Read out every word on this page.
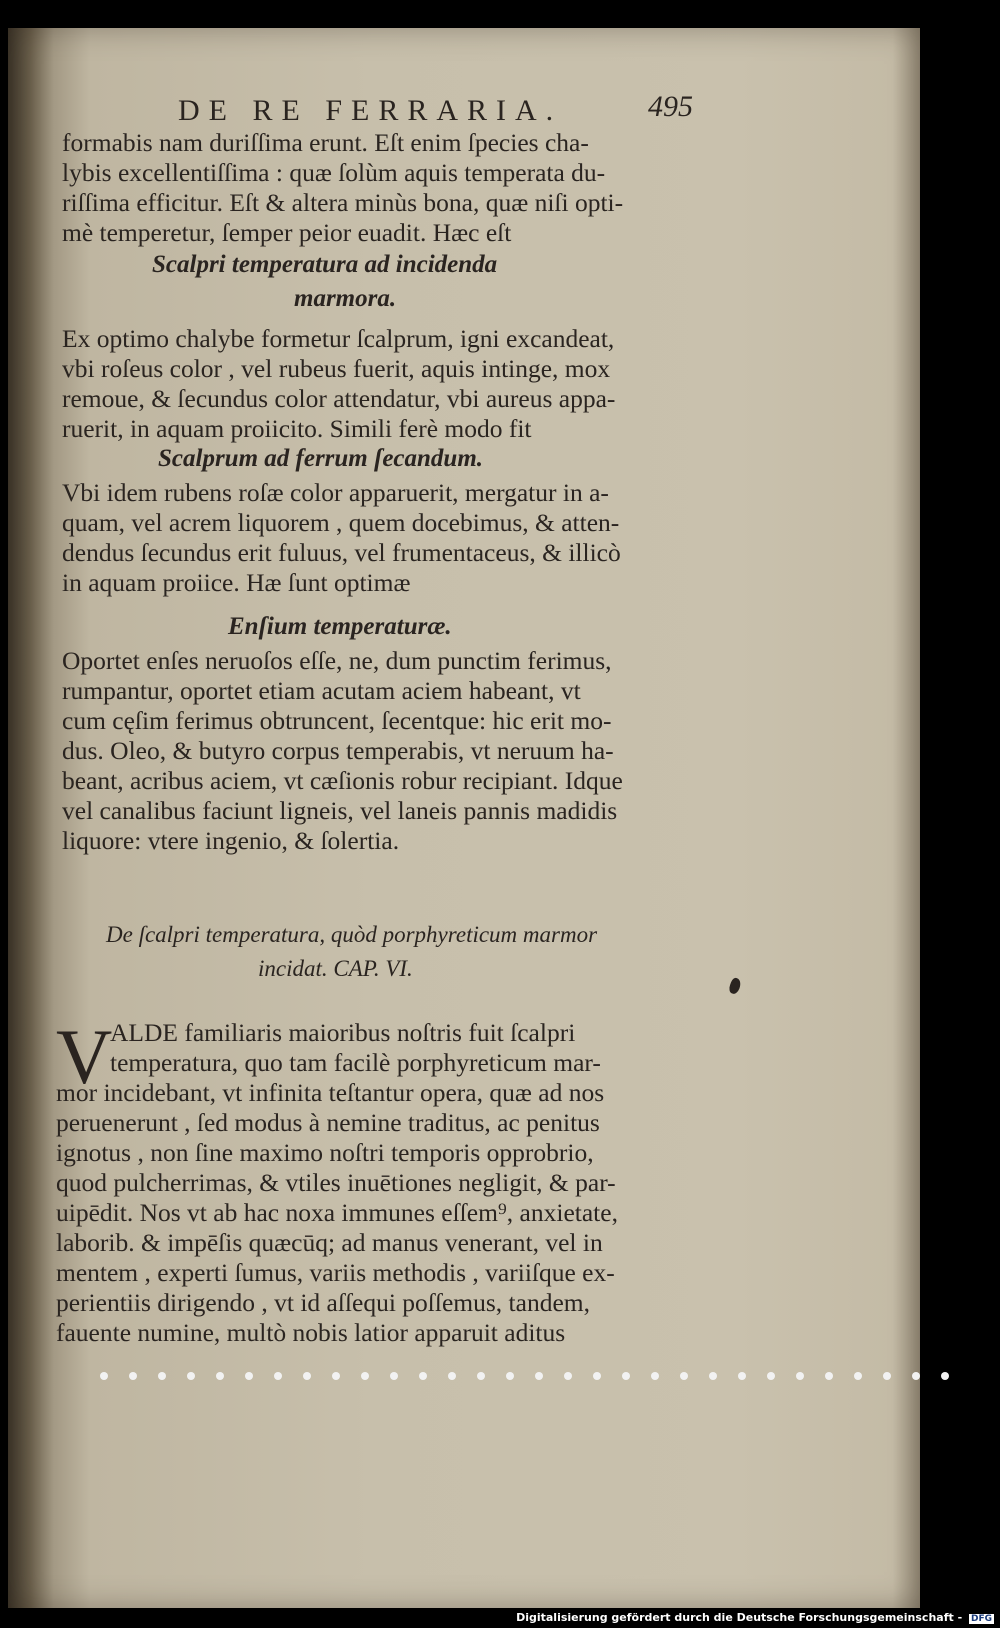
DE RE FERRARIA.	495
formabis nam duriſſima erunt. Eſt enim ſpecies cha-
lybis excellentiſſima : quæ ſolùm aquis temperata du-
riſſima efficitur. Eſt & altera minùs bona, quæ niſi opti-
mè temperetur, ſemper peior euadit. Hæc eſt
Scalpri temperatura ad incidenda
marmora.
Ex optimo chalybe formetur ſcalprum, igni excandeat,
vbi roſeus color , vel rubeus fuerit, aquis intinge, mox
remoue, & ſecundus color attendatur, vbi aureus appa-
ruerit, in aquam proiicito. Simili ferè modo fit
Scalprum ad ferrum ſecandum.
Vbi idem rubens roſæ color apparuerit, mergatur in a-
quam, vel acrem liquorem , quem docebimus, & atten-
dendus ſecundus erit fuluus, vel frumentaceus, & illicò
in aquam proiice. Hæ ſunt optimæ
Enſium temperaturæ.
Oportet enſes neruoſos eſſe, ne, dum punctim ferimus,
rumpantur, oportet etiam acutam aciem habeant, vt
cum cęſim ferimus obtruncent, ſecentque: hic erit mo-
dus. Oleo, & butyro corpus temperabis, vt neruum ha-
beant, acribus aciem, vt cæſionis robur recipiant. Idque
vel canalibus faciunt ligneis, vel laneis pannis madidis
liquore: vtere ingenio, & ſolertia.
De ſcalpri temperatura, quòd porphyreticum marmor
incidat. CAP. VI.
V
ALDE familiaris maioribus noſtris fuit ſcalpri
temperatura, quo tam facilè porphyreticum mar-
mor incidebant, vt infinita teſtantur opera, quæ ad nos
peruenerunt , ſed modus à nemine traditus, ac penitus
ignotus , non ſine maximo noſtri temporis opprobrio,
quod pulcherrimas, & vtiles inuētiones negligit, & par-
uipēdit. Nos vt ab hac noxa immunes eſſem⁹, anxietate,
laborib. & impēſis quæcūq; ad manus venerant, vel in
mentem , experti ſumus, variis methodis , variiſque ex-
perientiis dirigendo , vt id aſſequi poſſemus, tandem,
fauente numine, multò nobis latior apparuit aditus
Digitalisierung gefördert durch die Deutsche Forschungsgemeinschaft - DFG
